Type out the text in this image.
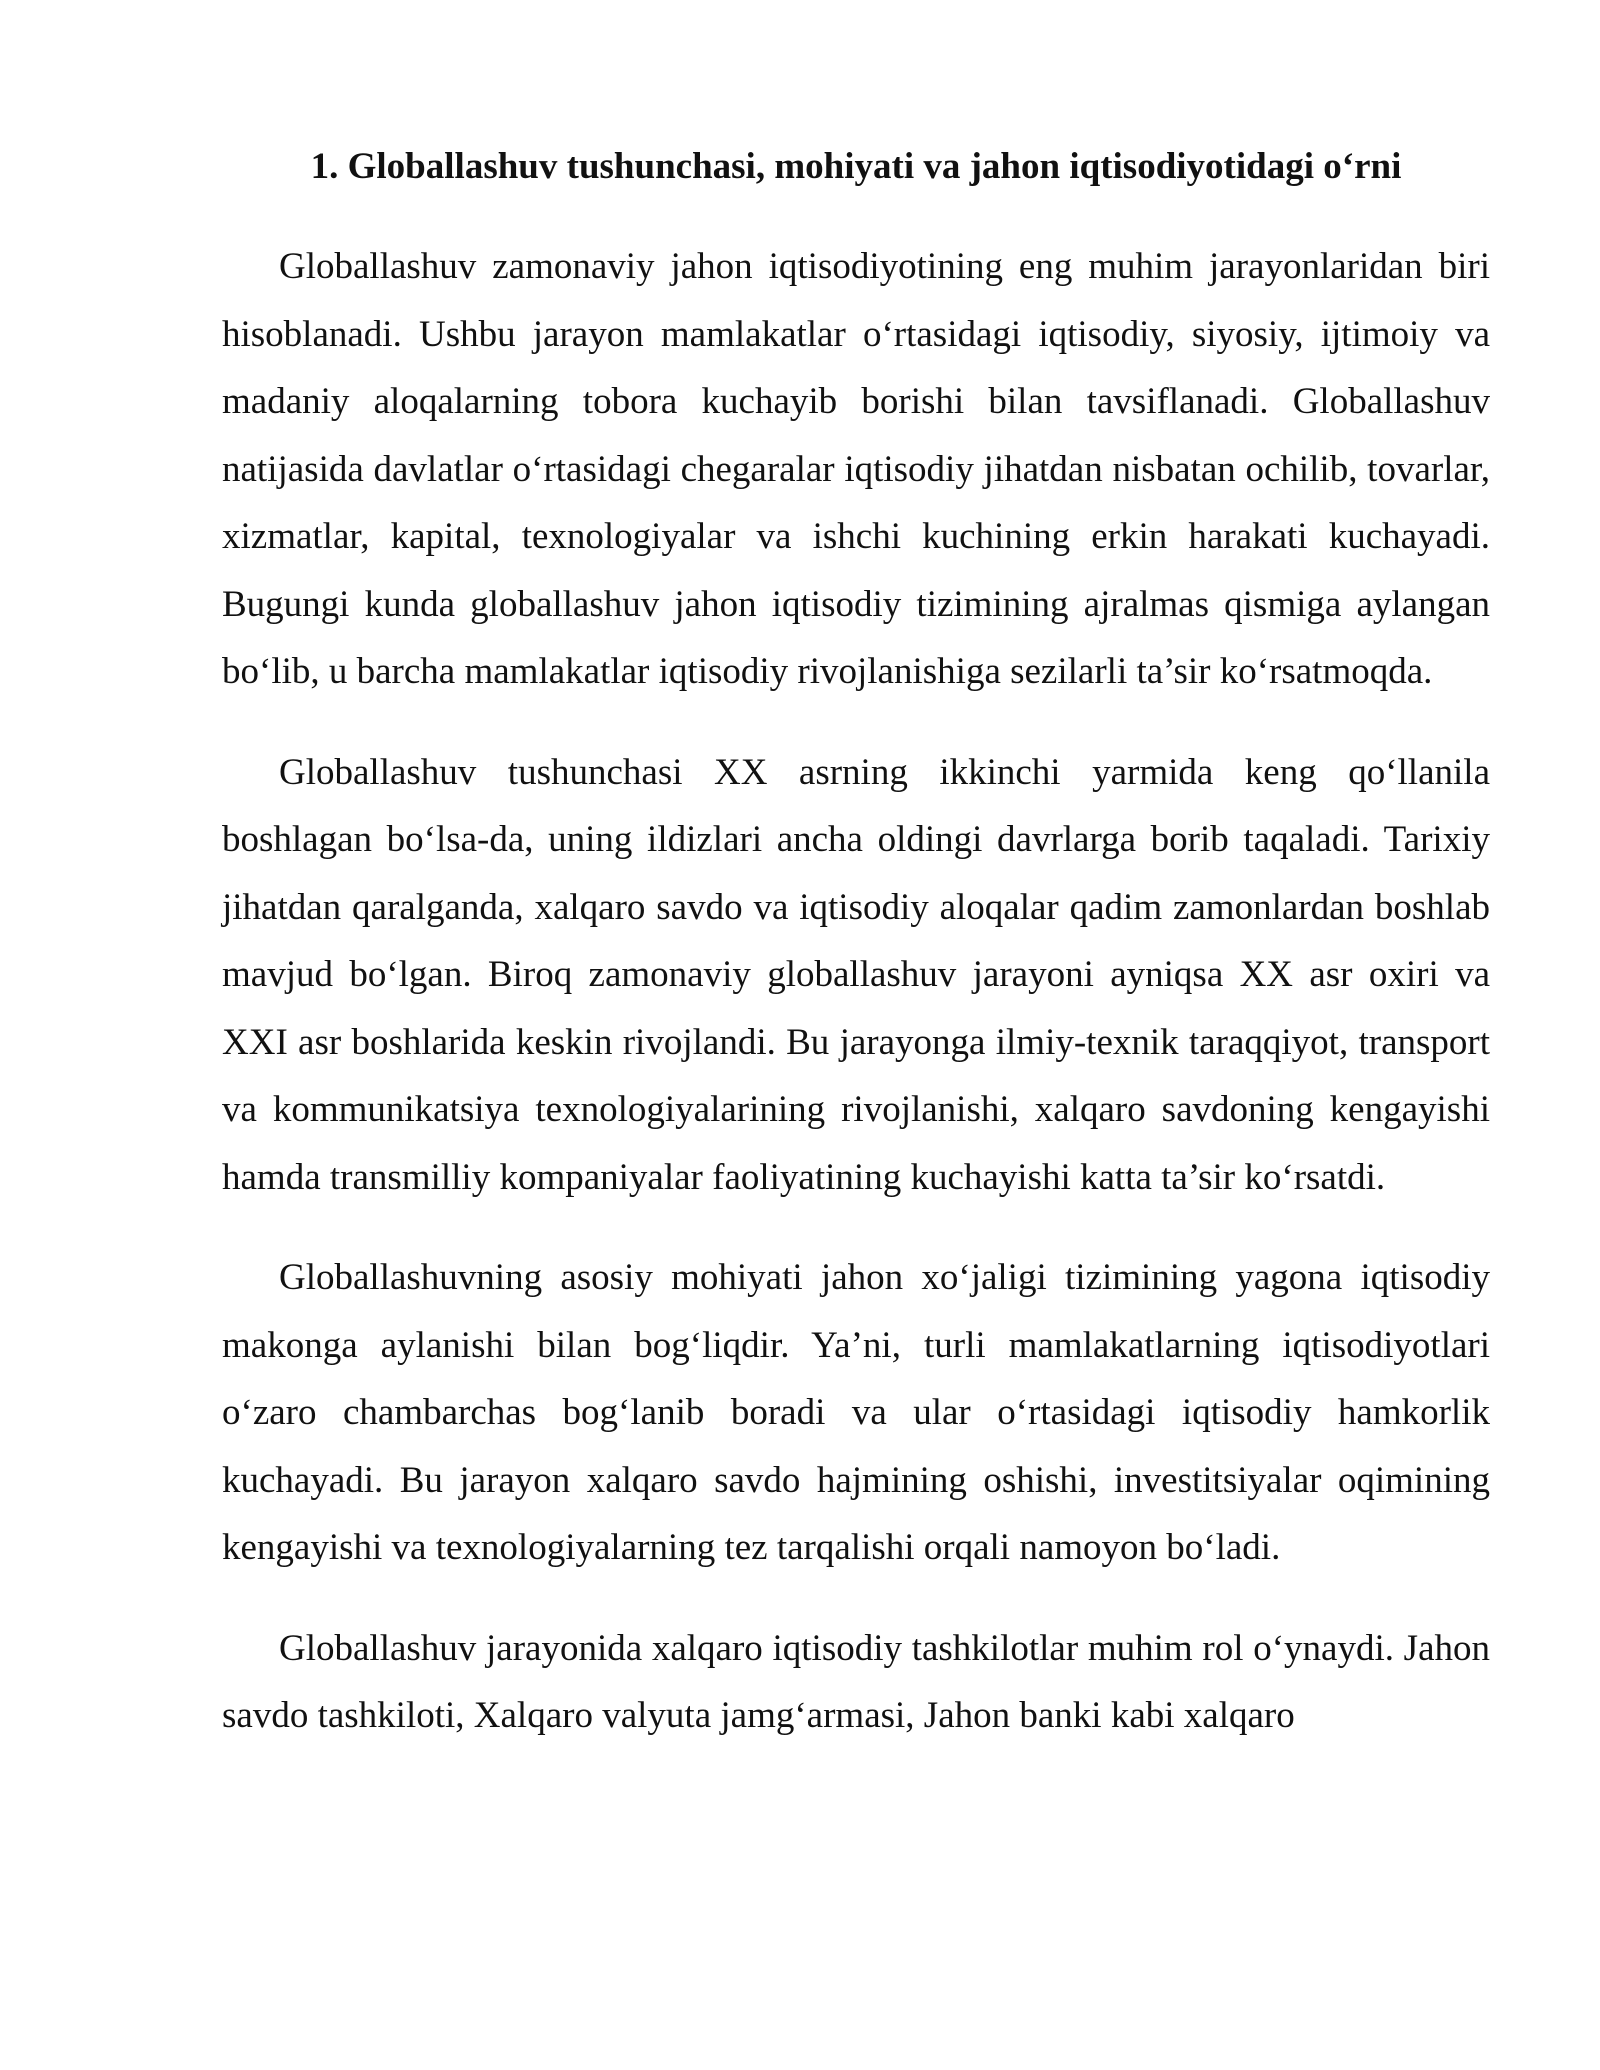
1. Globallashuv tushunchasi, mohiyati va jahon iqtisodiyotidagi o‘rni

Globallashuv zamonaviy jahon iqtisodiyotining eng muhim jarayonlaridan biri hisoblanadi. Ushbu jarayon mamlakatlar o‘rtasidagi iqtisodiy, siyosiy, ijtimoiy va madaniy aloqalarning tobora kuchayib borishi bilan tavsiflanadi. Globallashuv natijasida davlatlar o‘rtasidagi chegaralar iqtisodiy jihatdan nisbatan ochilib, tovarlar, xizmatlar, kapital, texnologiyalar va ishchi kuchining erkin harakati kuchayadi. Bugungi kunda globallashuv jahon iqtisodiy tizimining ajralmas qismiga aylangan bo‘lib, u barcha mamlakatlar iqtisodiy rivojlanishiga sezilarli ta’sir ko‘rsatmoqda.

Globallashuv tushunchasi XX asrning ikkinchi yarmida keng qo‘llanila boshlagan bo‘lsa-da, uning ildizlari ancha oldingi davrlarga borib taqaladi. Tarixiy jihatdan qaralganda, xalqaro savdo va iqtisodiy aloqalar qadim zamonlardan boshlab mavjud bo‘lgan. Biroq zamonaviy globallashuv jarayoni ayniqsa XX asr oxiri va XXI asr boshlarida keskin rivojlandi. Bu jarayonga ilmiy-texnik taraqqiyot, transport va kommunikatsiya texnologiyalarining rivojlanishi, xalqaro savdoning kengayishi hamda transmilliy kompaniyalar faoliyatining kuchayishi katta ta’sir ko‘rsatdi.

Globallashuvning asosiy mohiyati jahon xo‘jaligi tizimining yagona iqtisodiy makonga aylanishi bilan bog‘liqdir. Ya’ni, turli mamlakatlarning iqtisodiyotlari o‘zaro chambarchas bog‘lanib boradi va ular o‘rtasidagi iqtisodiy hamkorlik kuchayadi. Bu jarayon xalqaro savdo hajmining oshishi, investitsiyalar oqimining kengayishi va texnologiyalarning tez tarqalishi orqali namoyon bo‘ladi.

Globallashuv jarayonida xalqaro iqtisodiy tashkilotlar muhim rol o‘ynaydi. Jahon savdo tashkiloti, Xalqaro valyuta jamg‘armasi, Jahon banki kabi xalqaro
